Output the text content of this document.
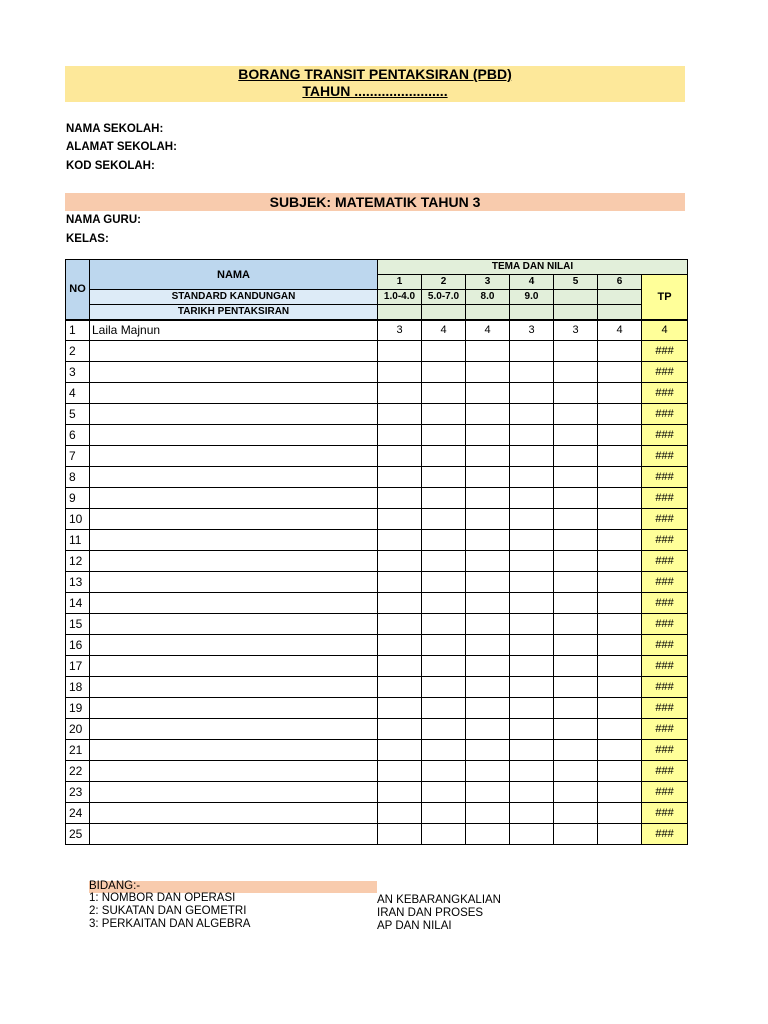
BORANG TRANSIT PENTAKSIRAN (PBD)
TAHUN ........................
NAMA SEKOLAH:
ALAMAT SEKOLAH:
KOD SEKOLAH:
SUBJEK: MATEMATIK TAHUN 3
NAMA GURU:
KELAS:
NO	NAMA	TEMA DAN NILAI						
		1	2	3	4	5	6	TP
	STANDARD KANDUNGAN	1.0-4.0	5.0-7.0	8.0	9.0			
	TARIKH PENTAKSIRAN							
1	Laila Majnun	3	4	4	3	3	4	4
2								###
3								###
4								###
5								###
6								###
7								###
8								###
9								###
10								###
11								###
12								###
13								###
14								###
15								###
16								###
17								###
18								###
19								###
20								###
21								###
22								###
23								###
24								###
25								###
BIDANG:-
1: NOMBOR DAN OPERASI
2: SUKATAN DAN GEOMETRI
3: PERKAITAN DAN ALGEBRA
AN KEBARANGKALIAN
IRAN DAN PROSES
AP DAN NILAI
